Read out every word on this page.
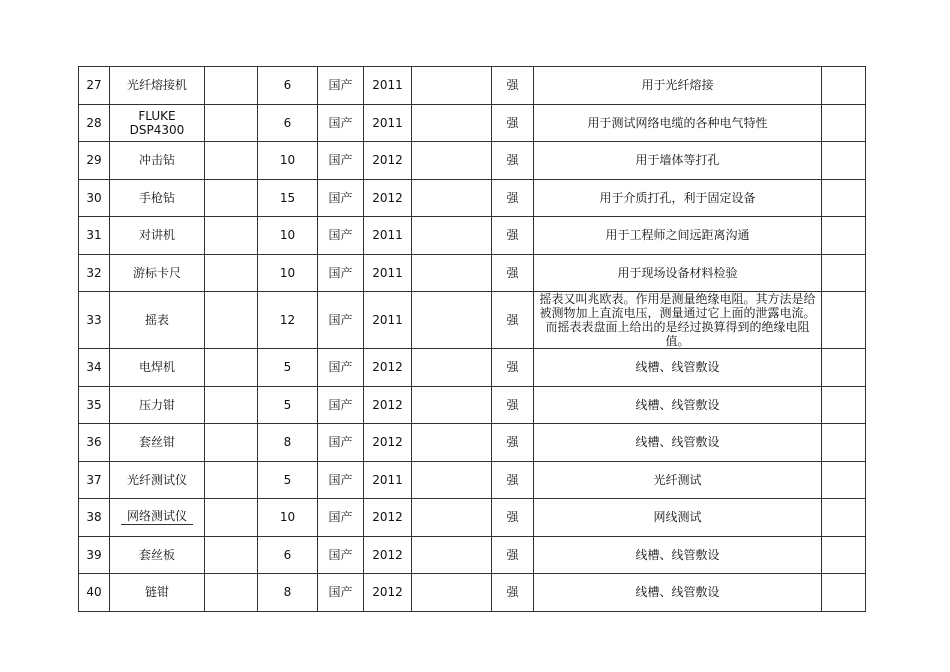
27	光纤熔接机		6	国产	2011		强	用于光纤熔接	
28	FLUKE DSP4300		6	国产	2011		强	用于测试网络电缆的各种电气特性	
29	冲击钻		10	国产	2012		强	用于墙体等打孔	
30	手枪钻		15	国产	2012		强	用于介质打孔，利于固定设备	
31	对讲机		10	国产	2011		强	用于工程师之间远距离沟通	
32	游标卡尺		10	国产	2011		强	用于现场设备材料检验	
33	摇表		12	国产	2011		强	摇表又叫兆欧表。作用是测量绝缘电阻。其方法是给被测物加上直流电压，测量通过它上面的泄露电流。而摇表表盘面上给出的是经过换算得到的绝缘电阻值。	
34	电焊机		5	国产	2012		强	线槽、线管敷设	
35	压力钳		5	国产	2012		强	线槽、线管敷设	
36	套丝钳		8	国产	2012		强	线槽、线管敷设	
37	光纤测试仪		5	国产	2011		强	光纤测试	
38	网络测试仪		10	国产	2012		强	网线测试	
39	套丝板		6	国产	2012		强	线槽、线管敷设	
40	链钳		8	国产	2012		强	线槽、线管敷设	
